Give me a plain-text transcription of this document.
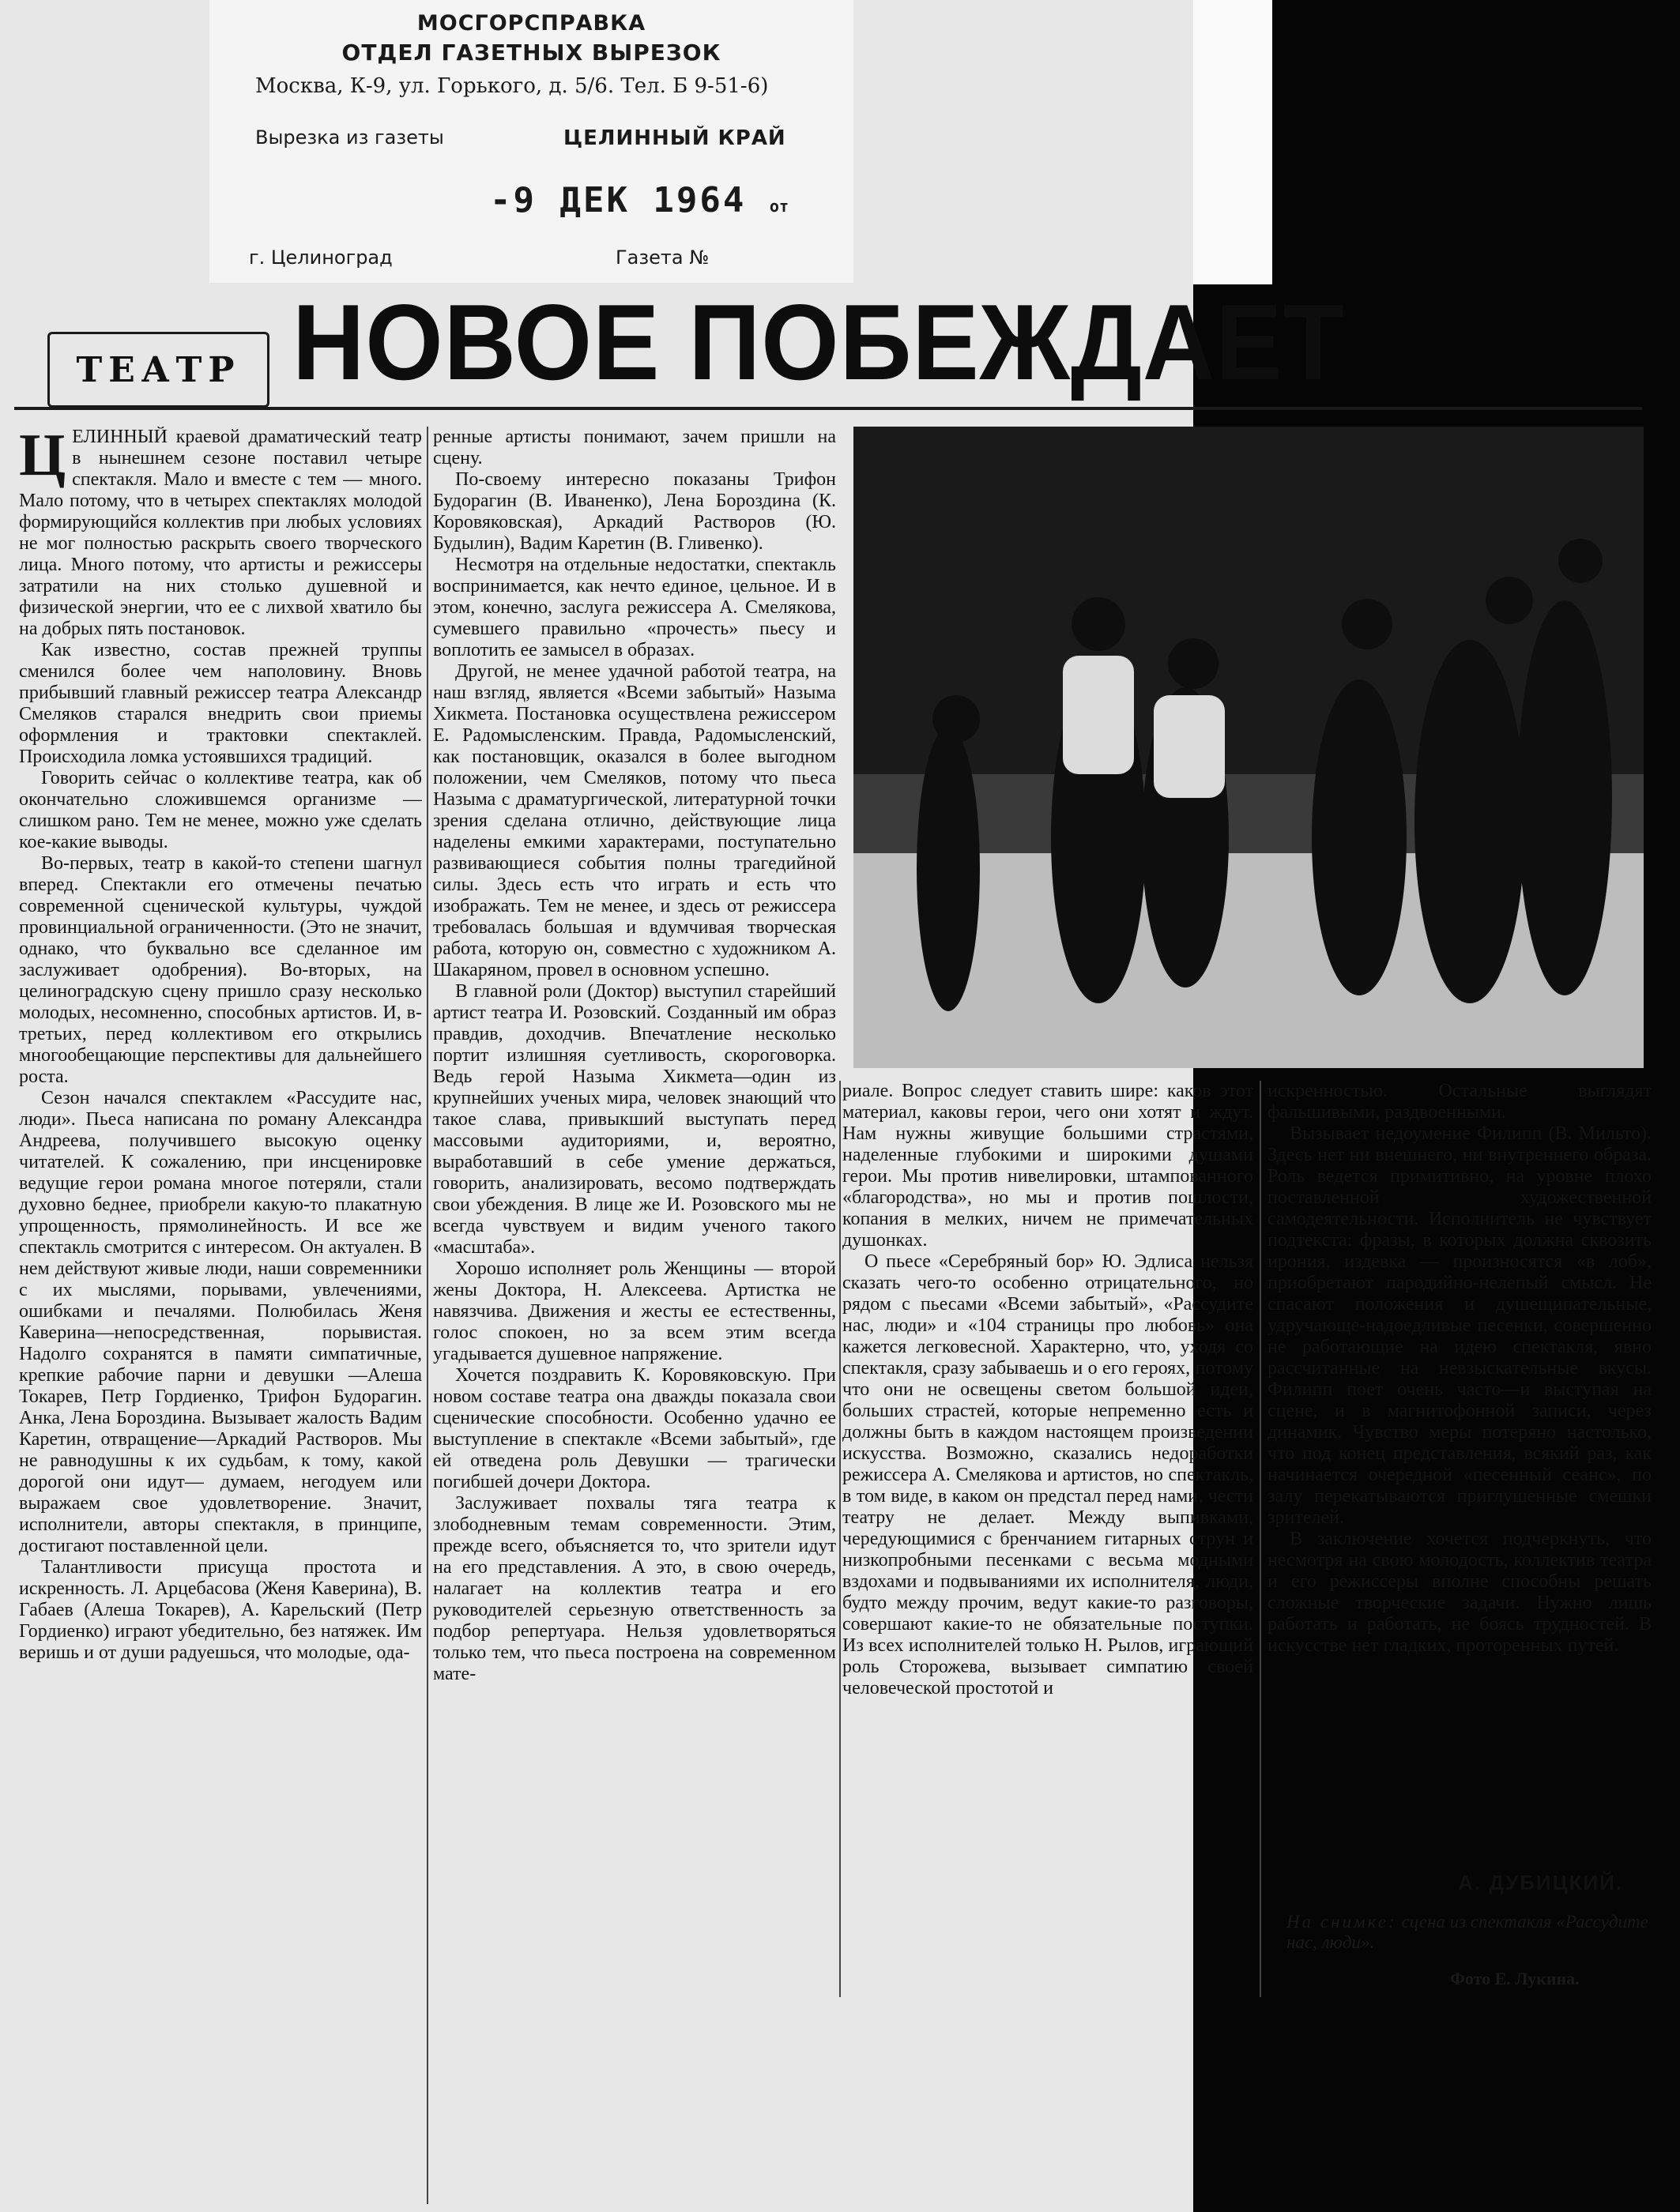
МОСГОРСПРАВКА
ОТДЕЛ ГАЗЕТНЫХ ВЫРЕЗОК
Москва, К-9, ул. Горького, д. 5/6. Тел. Б 9-51-6)
Вырезка из газеты	ЦЕЛИННЫЙ КРАЙ
-9 ДЕК 1964 от
г. Целиноград	Газета №
ТЕАТР НОВОЕ ПОБЕЖДАЕТ
Ц ЕЛИННЫЙ краевой драматический театр в нынешнем сезоне поставил четыре спектакля. Мало и вместе с тем — много. Мало потому, что в четырех спектаклях молодой формирующийся коллектив при любых условиях не мог полностью раскрыть своего творческого лица. Много потому, что артисты и режиссеры затратили на них столько душевной и физической энергии, что ее с лихвой хватило бы на добрых пять постановок.

Как известно, состав прежней труппы сменился более чем наполовину. Вновь прибывший главный режиссер театра Александр Смеляков старался внедрить свои приемы оформления и трактовки спектаклей. Происходила ломка устоявшихся традиций.

Говорить сейчас о коллективе театра, как об окончательно сложившемся организме — слишком рано. Тем не менее, можно уже сделать кое-какие выводы.

Во-первых, театр в какой-то степени шагнул вперед. Спектакли его отмечены печатью современной сценической культуры, чуждой провинциальной ограниченности. (Это не значит, однако, что буквально все сделанное им заслуживает одобрения). Во-вторых, на целиноградскую сцену пришло сразу несколько молодых, несомненно, способных артистов. И, в-третьих, перед коллективом его открылись многообещающие перспективы для дальнейшего роста.

Сезон начался спектаклем «Рассудите нас, люди». Пьеса написана по роману Александра Андреева, получившего высокую оценку читателей. К сожалению, при инсценировке ведущие герои романа многое потеряли, стали духовно беднее, приобрели какую-то плакатную упрощенность, прямолинейность. И все же спектакль смотрится с интересом. Он актуален. В нем действуют живые люди, наши современники с их мыслями, порывами, увлечениями, ошибками и печалями. Полюбилась Женя Каверина—непосредственная, порывистая. Надолго сохранятся в памяти симпатичные, крепкие рабочие парни и девушки —Алеша Токарев, Петр Гордиенко, Трифон Будорагин. Анка, Лена Бороздина. Вызывает жалость Вадим Каретин, отвращение—Аркадий Растворов. Мы не равнодушны к их судьбам, к тому, какой дорогой они идут— думаем, негодуем или выражаем свое удовлетворение. Значит, исполнители, авторы спектакля, в принципе, достигают поставленной цели.

Талантливости присуща простота и искренность. Л. Арцебасова (Женя Каверина), В. Габаев (Алеша Токарев), А. Карельский (Петр Гордиенко) играют убедительно, без натяжек. Им веришь и от души радуешься, что молодые, ода-

ренные артисты понимают, зачем пришли на сцену.

По-своему интересно показаны Трифон Будорагин (В. Иваненко), Лена Бороздина (К. Коровяковская), Аркадий Растворов (Ю. Будылин), Вадим Каретин (В. Гливенко).

Несмотря на отдельные недостатки, спектакль воспринимается, как нечто единое, цельное. И в этом, конечно, заслуга режиссера А. Смелякова, сумевшего правильно «прочесть» пьесу и воплотить ее замысел в образах.

Другой, не менее удачной работой театра, на наш взгляд, является «Всеми забытый» Назыма Хикмета. Постановка осуществлена режиссером Е. Радомысленским. Правда, Радомысленский, как постановщик, оказался в более выгодном положении, чем Смеляков, потому что пьеса Назыма с драматургической, литературной точки зрения сделана отлично, действующие лица наделены емкими характерами, поступательно развивающиеся события полны трагедийной силы. Здесь есть что играть и есть что изображать. Тем не менее, и здесь от режиссера требовалась большая и вдумчивая творческая работа, которую он, совместно с художником А. Шакаряном, провел в основном успешно.

В главной роли (Доктор) выступил старейший артист театра И. Розовский. Созданный им образ правдив, доходчив. Впечатление несколько портит излишняя суетливость, скороговорка. Ведь герой Назыма Хикмета—один из крупнейших ученых мира, человек знающий что такое слава, привыкший выступать перед массовыми аудиториями, и, вероятно, выработавший в себе умение держаться, говорить, анализировать, весомо подтверждать свои убеждения. В лице же И. Розовского мы не всегда чувствуем и видим ученого такого «масштаба».

Хорошо исполняет роль Женщины — второй жены Доктора, Н. Алексеева. Артистка не навязчива. Движения и жесты ее естественны, голос спокоен, но за всем этим всегда угадывается душевное напряжение.

Хочется поздравить К. Коровяковскую. При новом составе театра она дважды показала свои сценические способности. Особенно удачно ее выступление в спектакле «Всеми забытый», где ей отведена роль Девушки — трагически погибшей дочери Доктора.

Заслуживает похвалы тяга театра к злободневным темам современности. Этим, прежде всего, объясняется то, что зрители идут на его представления. А это, в свою очередь, налагает на коллектив театра и его руководителей серьезную ответственность за подбор репертуара. Нельзя удовлетворяться только тем, что пьеса построена на современном мате-

риале. Вопрос следует ставить шире: каков этот материал, каковы герои, чего они хотят и ждут. Нам нужны живущие большими страстями, наделенные глубокими и широкими душами герои. Мы против нивелировки, штампованного «благородства», но мы и против пошлости, копания в мелких, ничем не примечательных душонках.

О пьесе «Серебряный бор» Ю. Эдлиса нельзя сказать чего-то особенно отрицательного, но рядом с пьесами «Всеми забытый», «Рассудите нас, люди» и «104 страницы про любовь» она кажется легковесной. Характерно, что, уходя со спектакля, сразу забываешь и о его героях, потому что они не освещены светом большой идеи, больших страстей, которые непременно есть и должны быть в каждом настоящем произведении искусства. Возможно, сказались недоработки режиссера А. Смелякова и артистов, но спектакль, в том виде, в каком он предстал перед нами, чести театру не делает. Между выпивками, чередующимися с бренчанием гитарных струн и низкопробными песенками с весьма модными вздохами и подвываниями их исполнителя, люди, будто между прочим, ведут какие-то разговоры, совершают какие-то не обязательные поступки. Из всех исполнителей только Н. Рылов, играющий роль Сторожева, вызывает симпатию своей человеческой простотой и

искренностью. Остальные выглядят фальшивыми, раздвоенными.

Вызывает недоумение Филипп (В. Мильто). Здесь нет ни внешнего, ни внутреннего образа. Роль ведется примитивно, на уровне плохо поставленной художественной самодеятельности. Исполнитель не чувствует подтекста: фразы, в которых должна сквозить ирония, издевка — произносятся «в лоб», приобретают пародийно-нелепый смысл. Не спасают положения и душещипательные, удручающе-надоедливые песенки, совершенно не работающие на идею спектакля, явно рассчитанные на невзыскательные вкусы. Филипп поет очень часто—и выступая на сцене, и в магнитофонной записи, через динамик. Чувство меры потеряно настолько, что под конец представления, всякий раз, как начинается очередной «песенный сеанс», по залу перекатываются приглушенные смешки зрителей.

В заключение хочется подчеркнуть, что несмотря на свою молодость, коллектив театра и его режиссеры вполне способны решать сложные творческие задачи. Нужно лишь работать и работать, не боясь трудностей. В искусстве нет гладких, проторенных путей.

А. ДУБИЦКИЙ.
На снимке: сцена из спектакля «Рассудите нас, люди».
Фото Е. Лукина.
